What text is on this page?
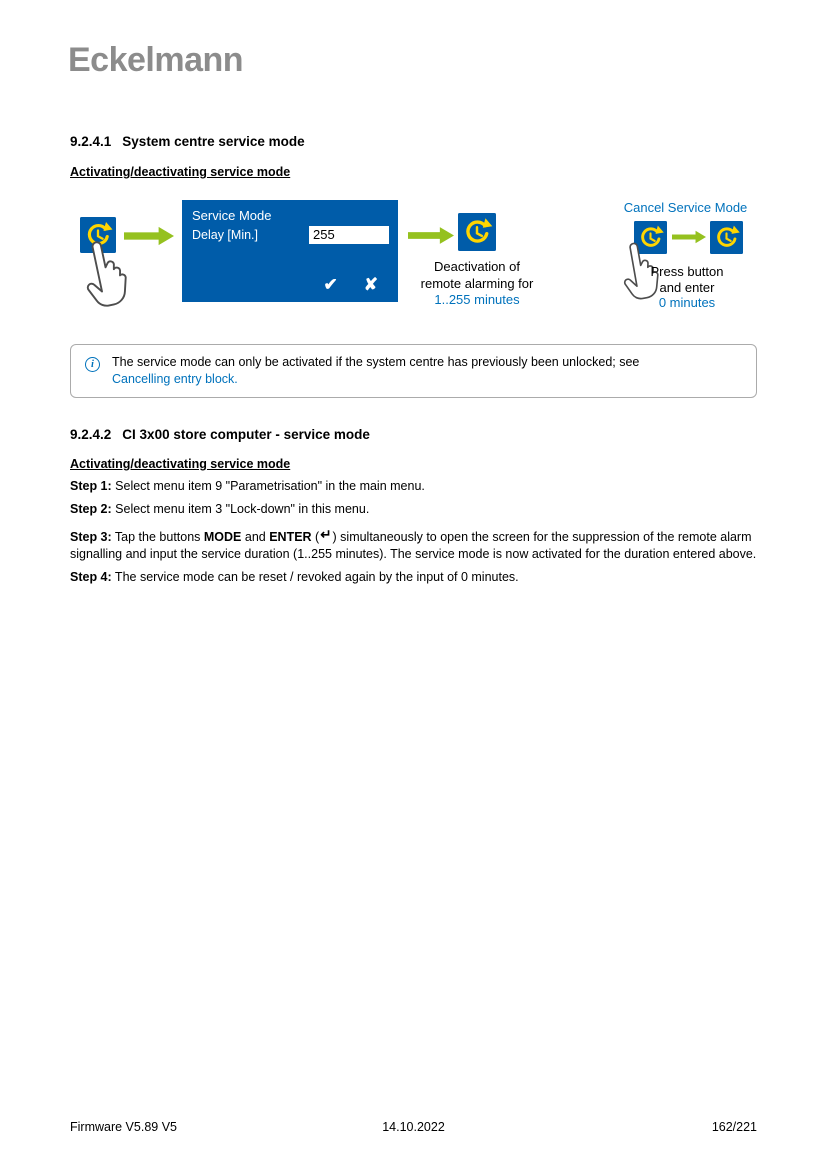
Eckelmann
9.2.4.1 System centre service mode
Activating/deactivating service mode
Service Mode
Delay [Min.]	255
✔ ✘
Deactivation of
remote alarming for
1..255 minutes
Cancel Service Mode
Press button
and enter
0 minutes
i	The service mode can only be activated if the system centre has previously been unlocked; see
Cancelling entry block.
9.2.4.2 CI 3x00 store computer - service mode
Activating/deactivating service mode

Step 1: Select menu item 9 "Parametrisation" in the main menu.

Step 2: Select menu item 3 "Lock-down" in this menu.

Step 3: Tap the buttons MODE and ENTER (↵) simultaneously to open the screen for the suppression of the remote alarm signalling and input the service duration (1..255 minutes). The service mode is now activated for the duration entered above.

Step 4: The service mode can be reset / revoked again by the input of 0 minutes.

14.10.2022
Firmware V5.89 V5	162/221
